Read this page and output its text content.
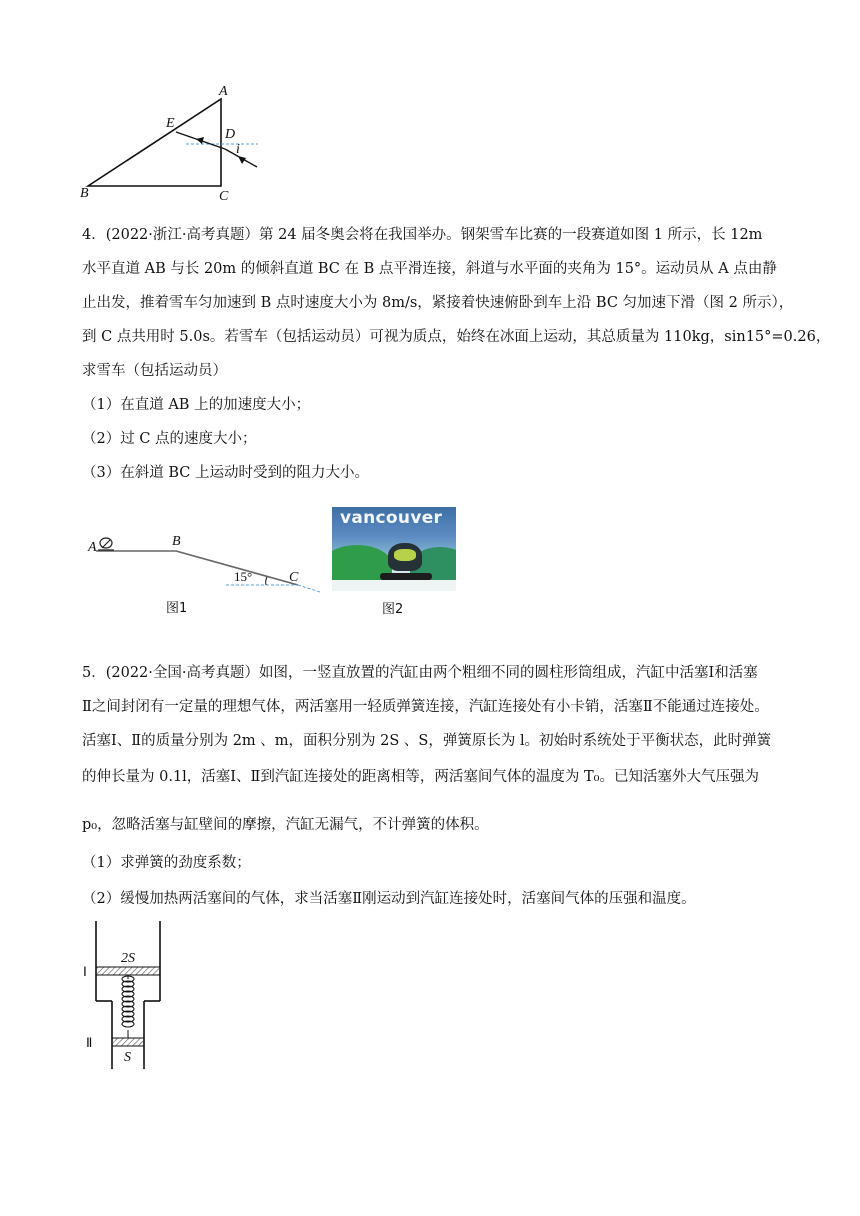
A
B	C
D
E
i
4．(2022·浙江·高考真题）第 24 届冬奥会将在我国举办。钢架雪车比赛的一段赛道如图 1 所示，长 12m
水平直道 AB 与长 20m 的倾斜直道 BC 在 B 点平滑连接，斜道与水平面的夹角为 15°。运动员从 A 点由静
止出发，推着雪车匀加速到 B 点时速度大小为 8m/s，紧接着快速俯卧到车上沿 BC 匀加速下滑（图 2 所示），
到 C 点共用时 5.0s。若雪车（包括运动员）可视为质点，始终在冰面上运动，其总质量为 110kg，sin15°=0.26，
求雪车（包括运动员）
（1）在直道 AB 上的加速度大小；
（2）过 C 点的速度大小；
（3）在斜道 BC 上运动时受到的阻力大小。
A	B
C
15°
图1
vancouver
图2
5．(2022·全国·高考真题）如图，一竖直放置的汽缸由两个粗细不同的圆柱形筒组成，汽缸中活塞Ⅰ和活塞
Ⅱ之间封闭有一定量的理想气体，两活塞用一轻质弹簧连接，汽缸连接处有小卡销，活塞Ⅱ不能通过连接处。
活塞Ⅰ、Ⅱ的质量分别为 2m 、m，面积分别为 2S 、S，弹簧原长为 l。初始时系统处于平衡状态，此时弹簧
的伸长量为 0.1l，活塞Ⅰ、Ⅱ到汽缸连接处的距离相等，两活塞间气体的温度为 T₀。已知活塞外大气压强为
p₀，忽略活塞与缸壁间的摩擦，汽缸无漏气，不计弹簧的体积。
（1）求弹簧的劲度系数；
（2）缓慢加热两活塞间的气体，求当活塞Ⅱ刚运动到汽缸连接处时，活塞间气体的压强和温度。
Ⅰ
Ⅱ
2S
S
